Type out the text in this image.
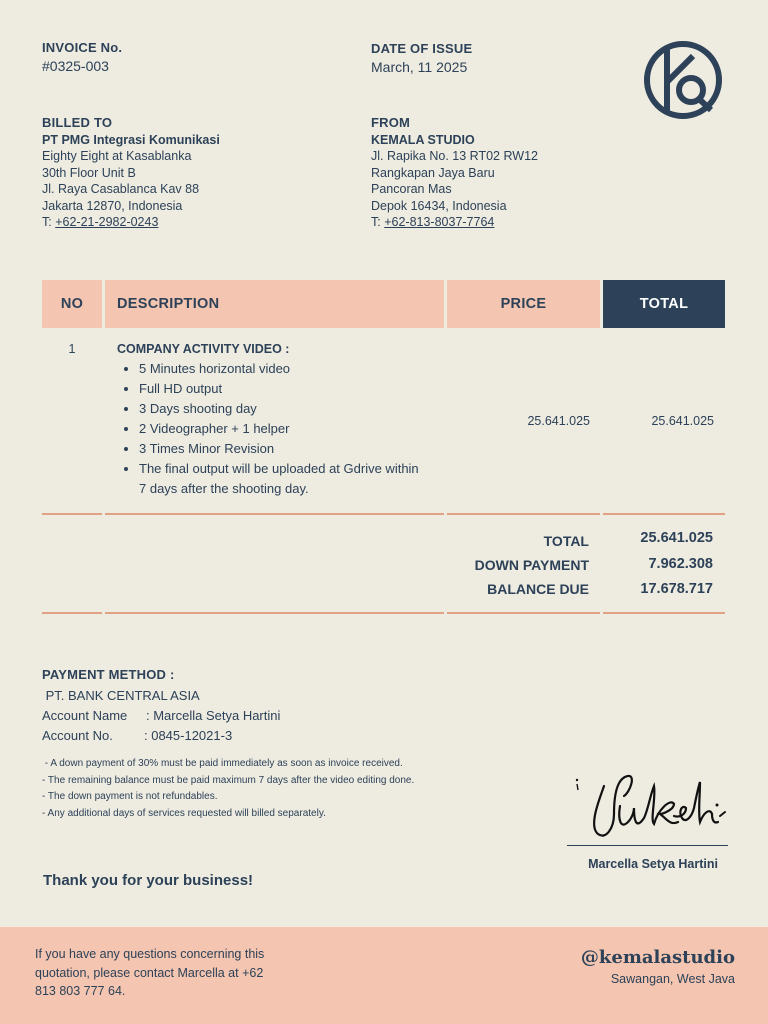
INVOICE No.
#0325-003
DATE OF ISSUE
March, 11 2025
BILLED TO
PT PMG Integrasi Komunikasi
Eighty Eight at Kasablanka
30th Floor Unit B
Jl. Raya Casablanca Kav 88
Jakarta 12870, Indonesia
T: +62-21-2982-0243
FROM
KEMALA STUDIO
Jl. Rapika No. 13 RT02 RW12
Rangkapan Jaya Baru
Pancoran Mas
Depok 16434, Indonesia
T: +62-813-8037-7764
NO	DESCRIPTION	PRICE	TOTAL
1	COMPANY ACTIVITY VIDEO :
• 5 Minutes horizontal video
• Full HD output
• 3 Days shooting day
• 2 Videographer + 1 helper
• 3 Times Minor Revision
• The final output will be uploaded at Gdrive within 7 days after the shooting day.
25.641.025	25.641.025
TOTAL	25.641.025
DOWN PAYMENT	7.962.308
BALANCE DUE	17.678.717
PAYMENT METHOD :
PT. BANK CENTRAL ASIA
Account Name : Marcella Setya Hartini
Account No. : 0845-12021-3
- A down payment of 30% must be paid immediately as soon as invoice received.
- The remaining balance must be paid maximum 7 days after the video editing done.
- The down payment is not refundables.
- Any additional days of services requested will billed separately.
Marcella Setya Hartini
Thank you for your business!
If you have any questions concerning this quotation, please contact Marcella at +62 813 803 777 64.
@kemalastudio
Sawangan, West Java
